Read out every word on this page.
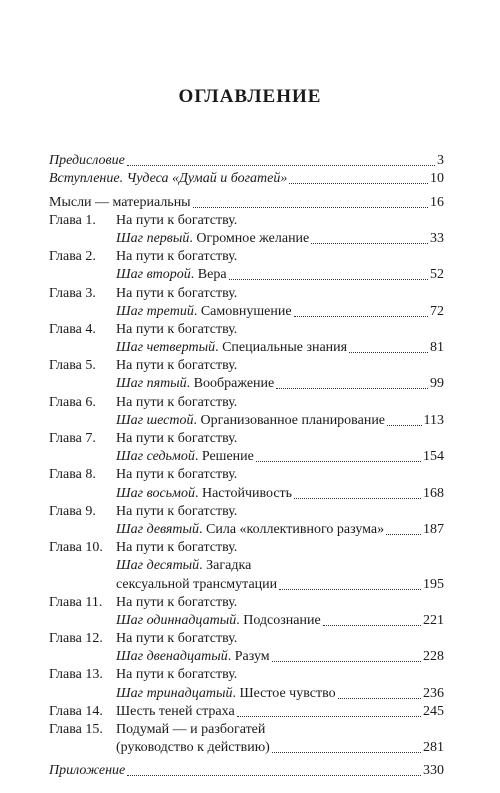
ОГЛАВЛЕНИЕ
Предисловие	3
Вступление. Чудеса «Думай и богатей»	10
Мысли — материальны	16
Глава 1.	На пути к богатству.
Шаг первый. Огромное желание	33
Глава 2.	На пути к богатству.
Шаг второй. Вера	52
Глава 3.	На пути к богатству.
Шаг третий. Самовнушение	72
Глава 4.	На пути к богатству.
Шаг четвертый. Специальные знания	81
Глава 5.	На пути к богатству.
Шаг пятый. Воображение	99
Глава 6.	На пути к богатству.
Шаг шестой. Организованное планирование	113
Глава 7.	На пути к богатству.
Шаг седьмой. Решение	154
Глава 8.	На пути к богатству.
Шаг восьмой. Настойчивость	168
Глава 9.	На пути к богатству.
Шаг девятый. Сила «коллективного разума»	187
Глава 10. На пути к богатству.
Шаг десятый. Загадка
сексуальной трансмутации	195
Глава 11. На пути к богатству.
Шаг одиннадцатый. Подсознание	221
Глава 12. На пути к богатству.
Шаг двенадцатый. Разум	228
Глава 13. На пути к богатству.
Шаг тринадцатый. Шестое чувство	236
Глава 14. Шесть теней страха	245
Глава 15. Подумай — и разбогатей
(руководство к действию)	281
Приложение	330
